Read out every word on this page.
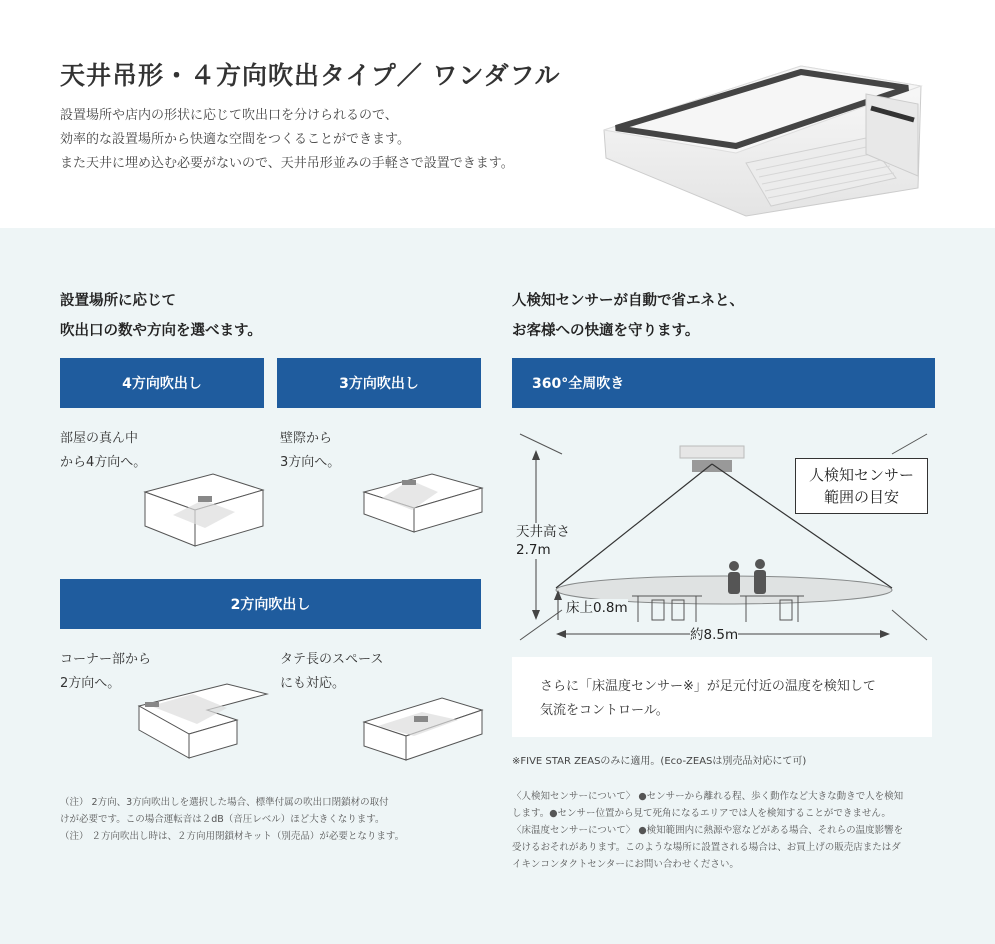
天井吊形・４方向吹出タイプ／ ワンダフル
設置場所や店内の形状に応じて吹出口を分けられるので、
効率的な設置場所から快適な空間をつくることができます。
また天井に埋め込む必要がないので、天井吊形並みの手軽さで設置できます。
設置場所に応じて
吹出口の数や方向を選べます。
4方向吹出し	3方向吹出し
部屋の真ん中
から4方向へ。
壁際から
3方向へ。
2方向吹出し
コーナー部から
2方向へ。
タテ長のスペース
にも対応。
（注） 2方向、3方向吹出しを選択した場合、標準付属の吹出口閉鎖材の取付
けが必要です。この場合運転音は２dB（音圧レベル）ほど大きくなります。
（注） ２方向吹出し時は、２方向用閉鎖材キット（別売品）が必要となります。
人検知センサーが自動で省エネと、
お客様への快適を守ります。
360°全周吹き
人検知センサー
範囲の目安
天井高さ
2.7m
床上0.8m
約8.5m
さらに「床温度センサー※」が足元付近の温度を検知して
気流をコントロール。
※FIVE STAR ZEASのみに適用。(Eco-ZEASは別売品対応にて可)
〈人検知センサーについて〉 ●センサーから離れる程、歩く動作など大きな動きで人を検知
します。●センサー位置から見て死角になるエリアでは人を検知することができません。
〈床温度センサーについて〉 ●検知範囲内に熱源や窓などがある場合、それらの温度影響を
受けるおそれがあります。このような場所に設置される場合は、お買上げの販売店またはダ
イキンコンタクトセンターにお問い合わせください。
